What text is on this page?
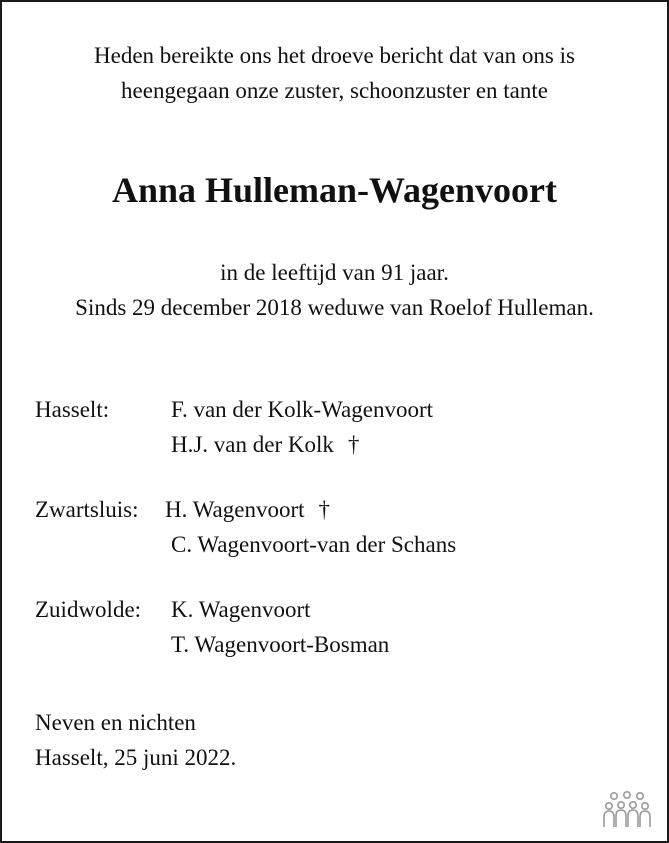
Heden bereikte ons het droeve bericht dat van ons is
heengegaan onze zuster, schoonzuster en tante
Anna Hulleman-Wagenvoort
in de leeftijd van 91 jaar.
Sinds 29 december 2018 weduwe van Roelof Hulleman.
Hasselt:	F. van der Kolk-Wagenvoort
H.J. van der Kolk †
Zwartsluis:	H. Wagenvoort †
C. Wagenvoort-van der Schans
Zuidwolde:	K. Wagenvoort
T. Wagenvoort-Bosman
Neven en nichten
Hasselt, 25 juni 2022.
